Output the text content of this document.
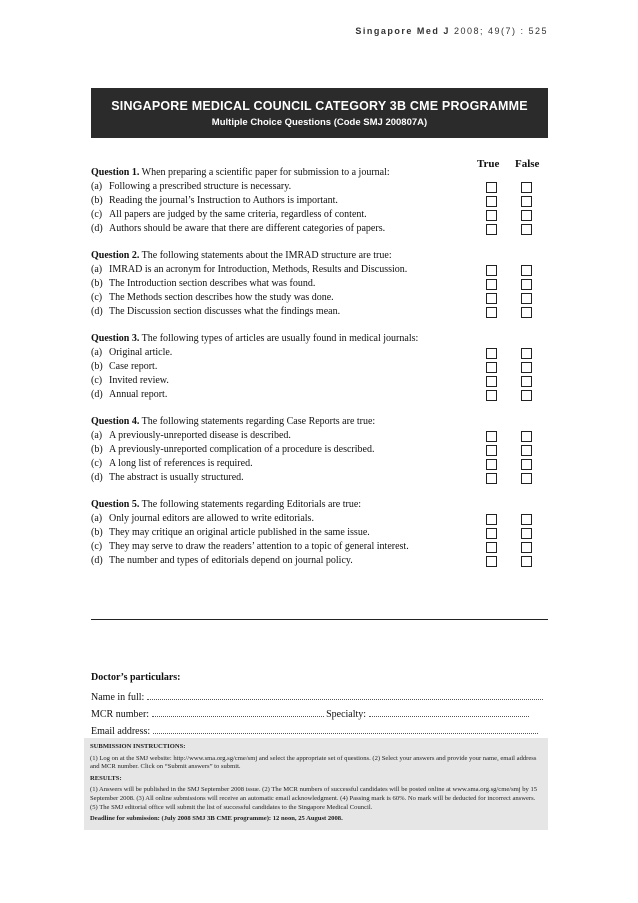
Singapore Med J 2008; 49(7) : 525
SINGAPORE MEDICAL COUNCIL CATEGORY 3B CME PROGRAMME
Multiple Choice Questions (Code SMJ 200807A)
True False
Question 1. When preparing a scientific paper for submission to a journal:
(a) Following a prescribed structure is necessary.
(b) Reading the journal’s Instruction to Authors is important.
(c) All papers are judged by the same criteria, regardless of content.
(d) Authors should be aware that there are different categories of papers.
Question 2. The following statements about the IMRAD structure are true:
(a) IMRAD is an acronym for Introduction, Methods, Results and Discussion.
(b) The Introduction section describes what was found.
(c) The Methods section describes how the study was done.
(d) The Discussion section discusses what the findings mean.
Question 3. The following types of articles are usually found in medical journals:
(a) Original article.
(b) Case report.
(c) Invited review.
(d) Annual report.
Question 4. The following statements regarding Case Reports are true:
(a) A previously-unreported disease is described.
(b) A previously-unreported complication of a procedure is described.
(c) A long list of references is required.
(d) The abstract is usually structured.
Question 5. The following statements regarding Editorials are true:
(a) Only journal editors are allowed to write editorials.
(b) They may critique an original article published in the same issue.
(c) They may serve to draw the readers’ attention to a topic of general interest.
(d) The number and types of editorials depend on journal policy.
Doctor’s particulars:
Name in full:
MCR number:	Specialty:
Email address:

SUBMISSION INSTRUCTIONS:

(1) Log on at the SMJ website: http://www.sma.org.sg/cme/smj and select the appropriate set of questions. (2) Select your answers and provide your name, email address and MCR number. Click on “Submit answers” to submit.

RESULTS:

(1) Answers will be published in the SMJ September 2008 issue. (2) The MCR numbers of successful candidates will be posted online at www.sma.org.sg/cme/smj by 15 September 2008. (3) All online submissions will receive an automatic email acknowledgment. (4) Passing mark is 60%. No mark will be deducted for incorrect answers. (5) The SMJ editorial office will submit the list of successful candidates to the Singapore Medical Council.

Deadline for submission: (July 2008 SMJ 3B CME programme): 12 noon, 25 August 2008.
